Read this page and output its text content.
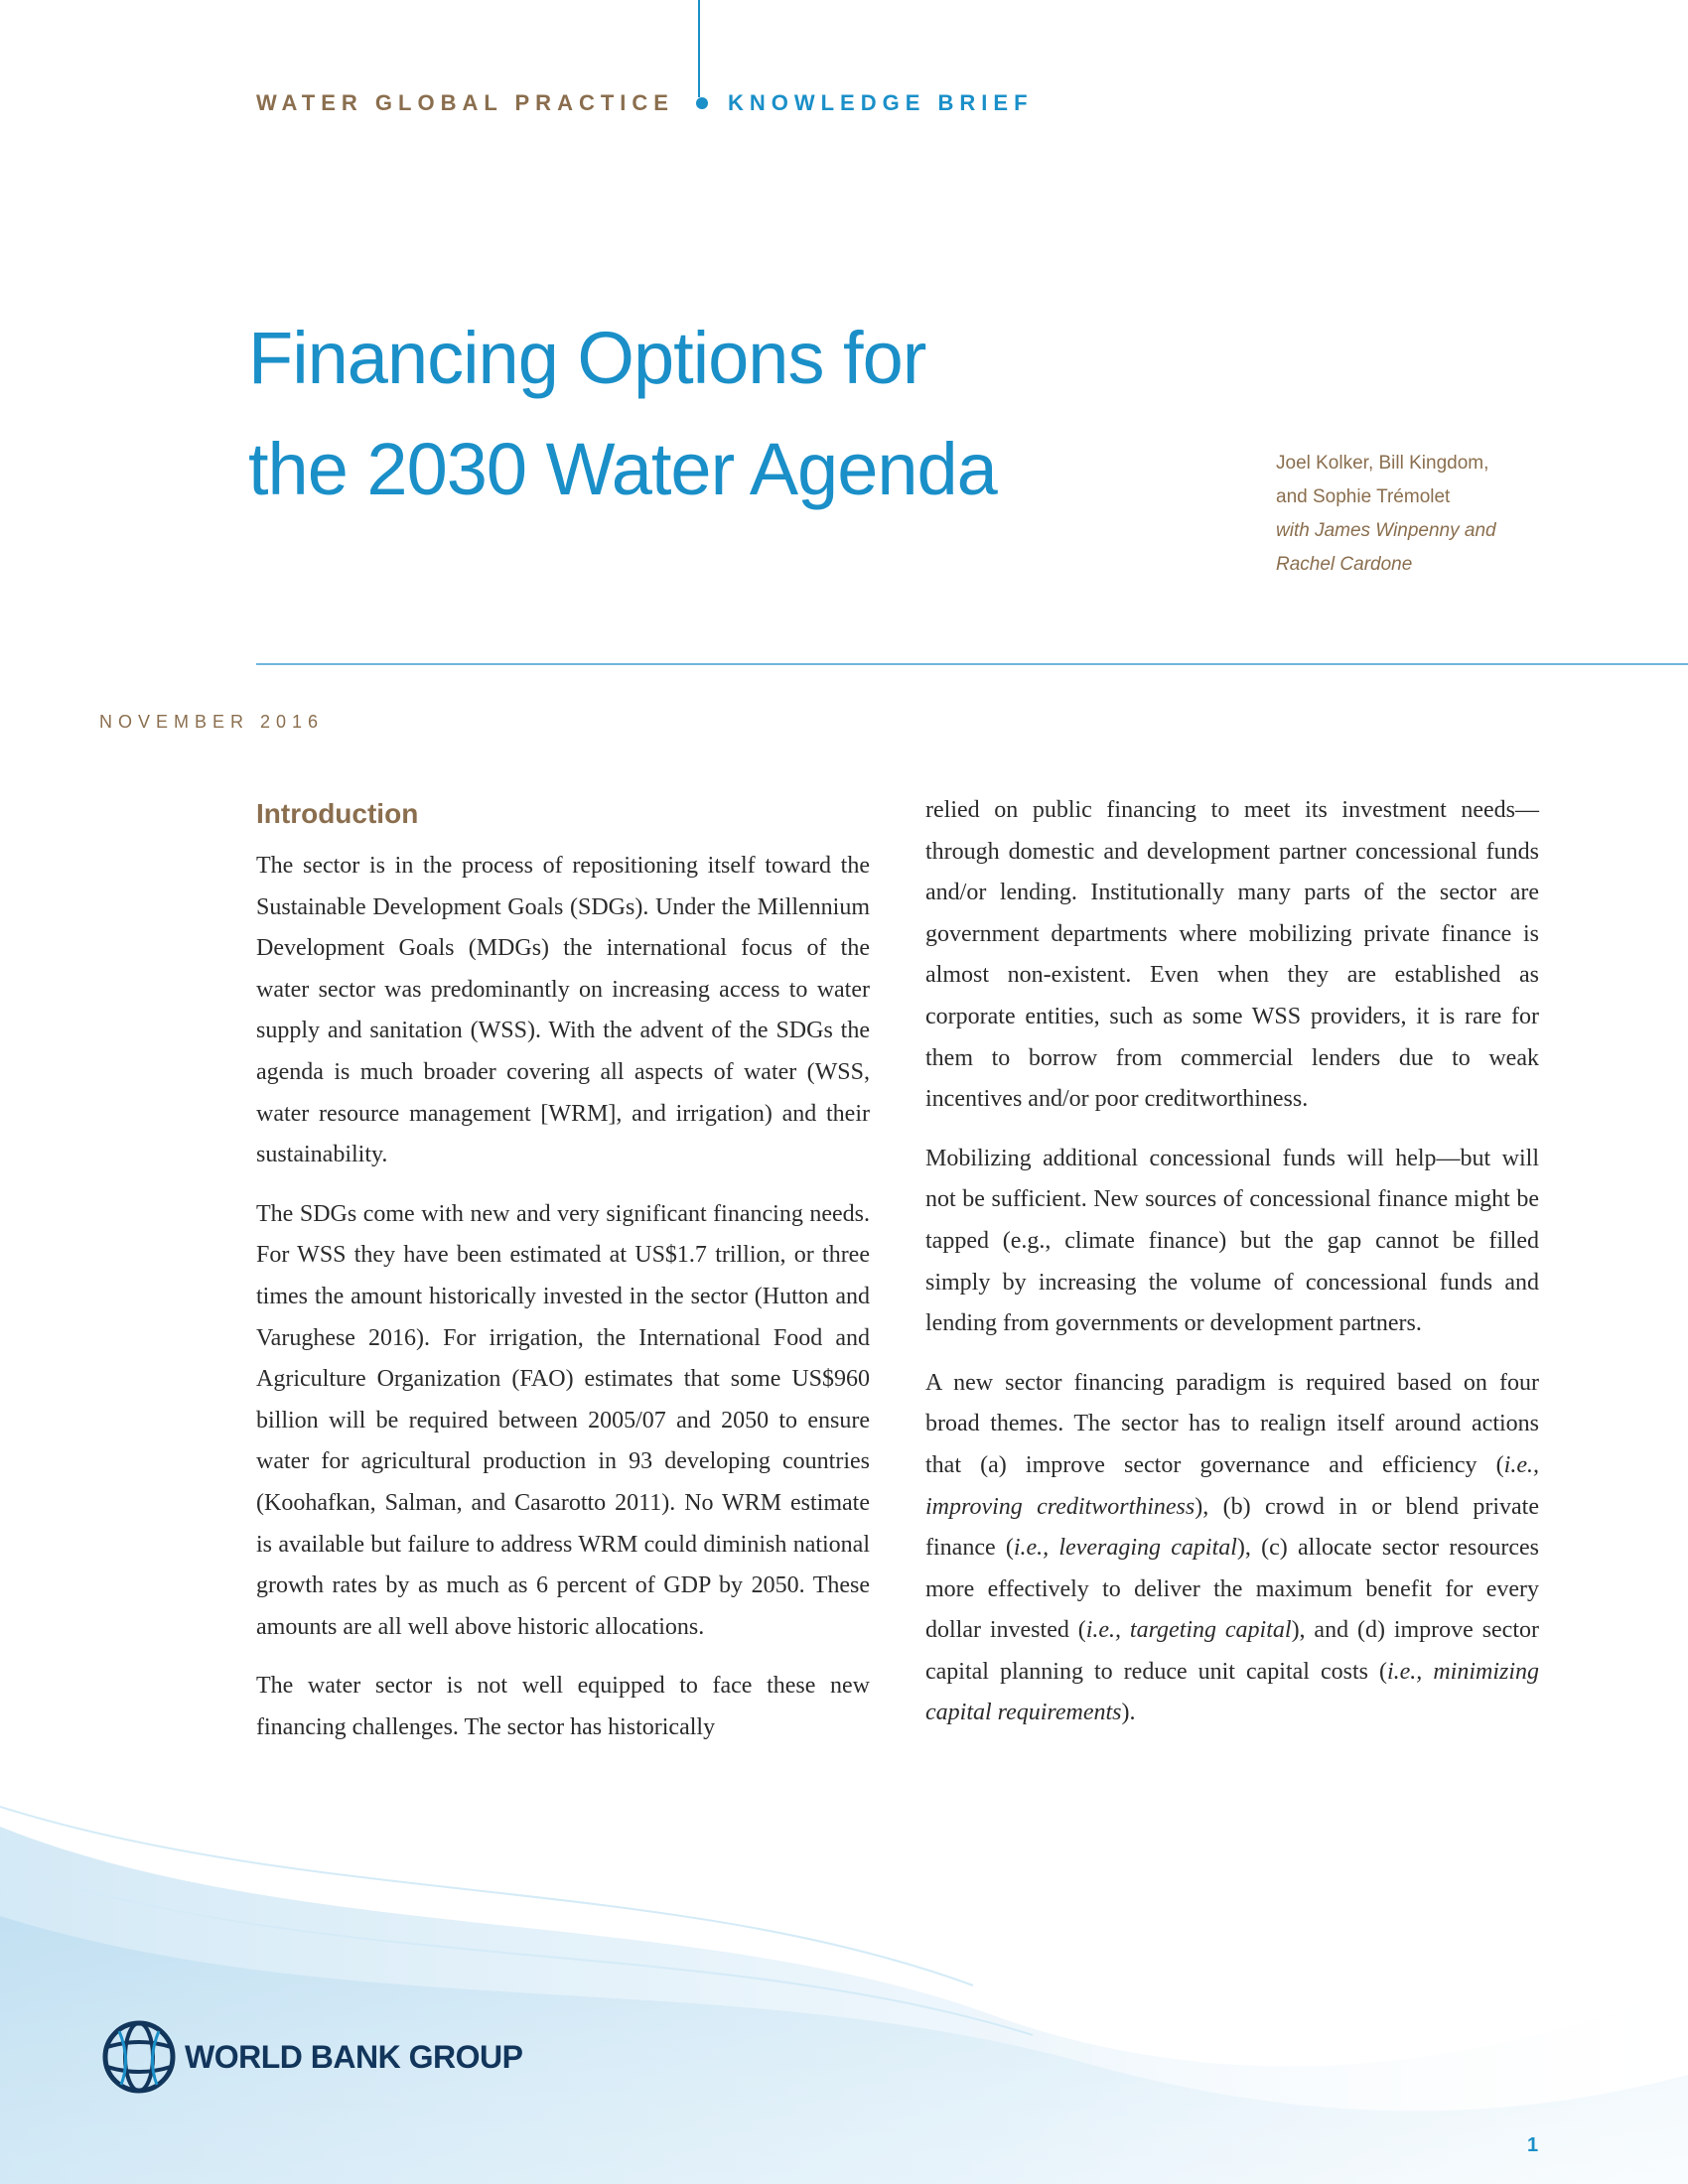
WATER GLOBAL PRACTICE KNOWLEDGE BRIEF
Financing Options for
the 2030 Water Agenda	Joel Kolker, Bill Kingdom,
and Sophie Trémolet
with James Winpenny and
Rachel Cardone
NOVEMBER 2016
Introduction

The sector is in the process of repositioning itself toward the Sustainable Development Goals (SDGs). Under the Millennium Development Goals (MDGs) the international focus of the water sector was predominantly on increasing access to water supply and sanitation (WSS). With the advent of the SDGs the agenda is much broader covering all aspects of water (WSS, water resource management [WRM], and irrigation) and their sustainability.

The SDGs come with new and very significant financing needs. For WSS they have been estimated at US$1.7 trillion, or three times the amount historically invested in the sector (Hutton and Varughese 2016). For irrigation, the International Food and Agriculture Organization (FAO) estimates that some US$960 billion will be required between 2005/07 and 2050 to ensure water for agricultural production in 93 developing countries (Koohafkan, Salman, and Casarotto 2011). No WRM estimate is available but failure to address WRM could diminish national growth rates by as much as 6 percent of GDP by 2050. These amounts are all well above historic allocations.

The water sector is not well equipped to face these new financing challenges. The sector has historically

relied on public financing to meet its investment needs—through domestic and development partner concessional funds and/or lending. Institutionally many parts of the sector are government departments where mobilizing private finance is almost non-existent. Even when they are established as corporate entities, such as some WSS providers, it is rare for them to borrow from commercial lenders due to weak incentives and/or poor creditworthiness.

Mobilizing additional concessional funds will help—but will not be sufficient. New sources of concessional finance might be tapped (e.g., climate finance) but the gap cannot be filled simply by increasing the volume of concessional funds and lending from governments or development partners.

A new sector financing paradigm is required based on four broad themes. The sector has to realign itself around actions that (a) improve sector governance and efficiency (i.e., improving creditworthiness), (b) crowd in or blend private finance (i.e., leveraging capital), (c) allocate sector resources more effectively to deliver the maximum benefit for every dollar invested (i.e., targeting capital), and (d) improve sector capital planning to reduce unit capital costs (i.e., minimizing capital requirements).

WORLD BANK GROUP
1
